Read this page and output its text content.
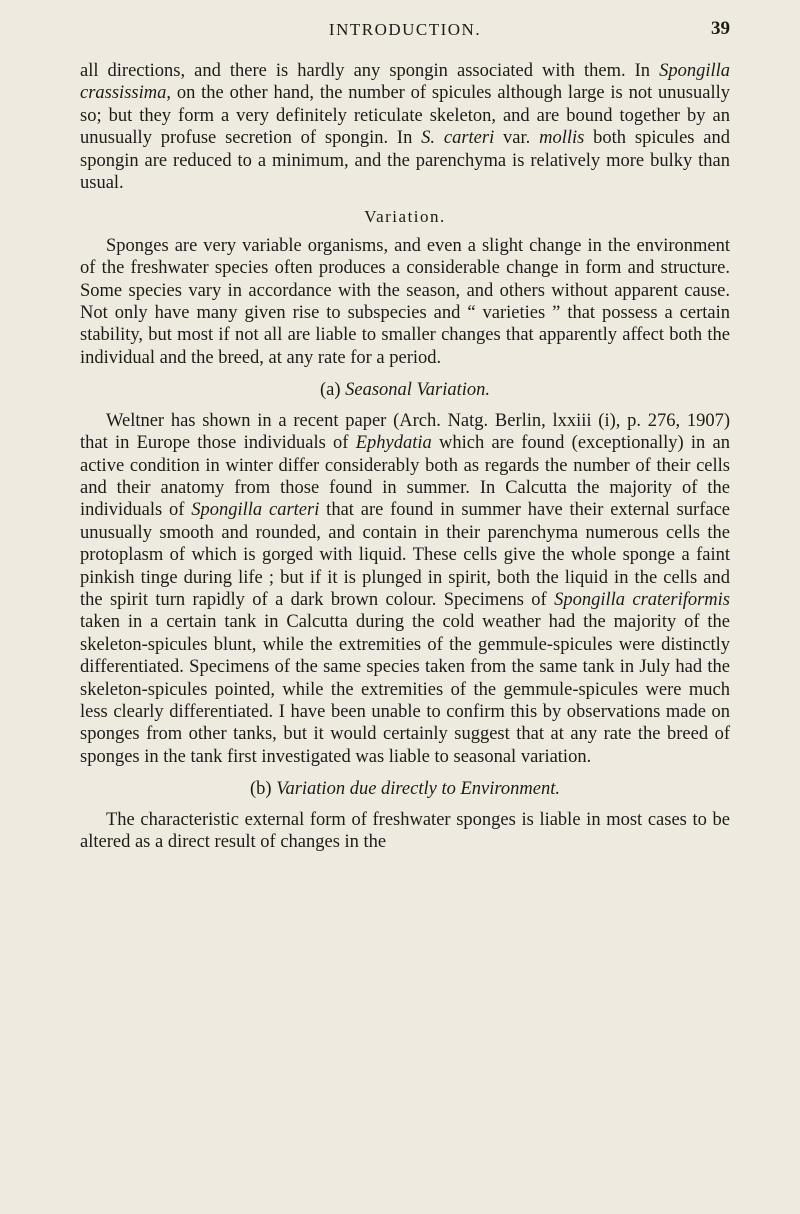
INTRODUCTION.	39

all directions, and there is hardly any spongin associated with them. In Spongilla crassissima, on the other hand, the number of spicules although large is not unusually so; but they form a very definitely reticulate skeleton, and are bound together by an unusually profuse secretion of spongin. In S. carteri var. mollis both spicules and spongin are reduced to a minimum, and the parenchyma is relatively more bulky than usual.

Variation.

Sponges are very variable organisms, and even a slight change in the environment of the freshwater species often produces a considerable change in form and structure. Some species vary in accordance with the season, and others without apparent cause. Not only have many given rise to subspecies and “ varieties ” that possess a certain stability, but most if not all are liable to smaller changes that apparently affect both the individual and the breed, at any rate for a period.

(a) Seasonal Variation.

Weltner has shown in a recent paper (Arch. Natg. Berlin, lxxiii (i), p. 276, 1907) that in Europe those individuals of Ephydatia which are found (exceptionally) in an active condition in winter differ considerably both as regards the number of their cells and their anatomy from those found in summer. In Calcutta the majority of the individuals of Spongilla carteri that are found in summer have their external surface unusually smooth and rounded, and contain in their parenchyma numerous cells the protoplasm of which is gorged with liquid. These cells give the whole sponge a faint pinkish tinge during life ; but if it is plunged in spirit, both the liquid in the cells and the spirit turn rapidly of a dark brown colour. Specimens of Spongilla crateriformis taken in a certain tank in Calcutta during the cold weather had the majority of the skeleton-spicules blunt, while the extremities of the gemmule-spicules were distinctly differentiated. Specimens of the same species taken from the same tank in July had the skeleton-spicules pointed, while the extremities of the gemmule-spicules were much less clearly differentiated. I have been unable to confirm this by observations made on sponges from other tanks, but it would certainly suggest that at any rate the breed of sponges in the tank first investigated was liable to seasonal variation.

(b) Variation due directly to Environment.

The characteristic external form of freshwater sponges is liable in most cases to be altered as a direct result of changes in the
